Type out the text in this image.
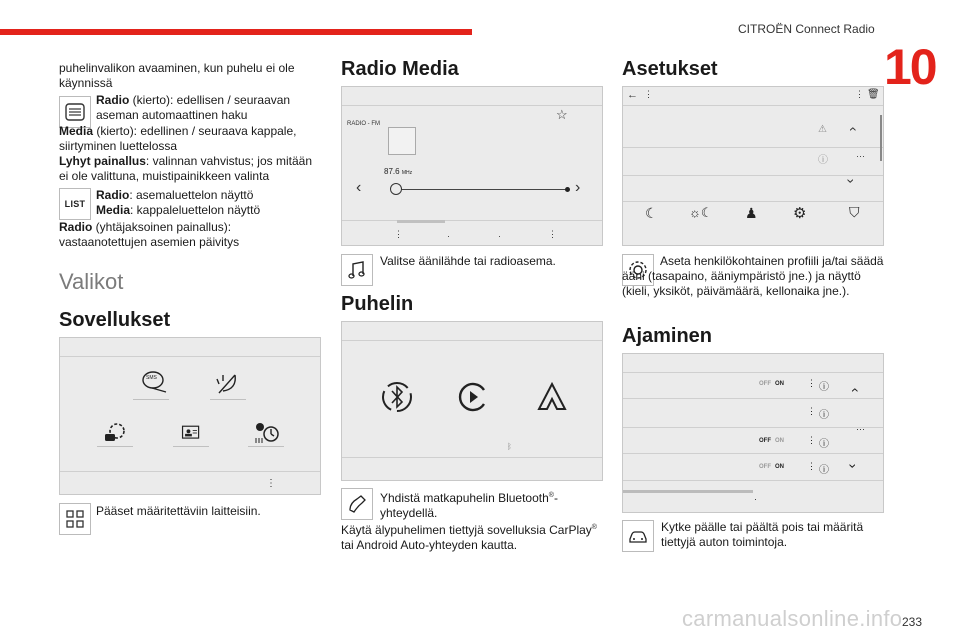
CITROËN Connect Radio
10

puhelinvalikon avaaminen, kun puhelu ei ole käynnissä

Radio (kierto): edellisen / seuraavan aseman automaattinen haku

Media (kierto): edellinen / seuraava kappale, siirtyminen luettelossa

Lyhyt painallus: valinnan vahvistus; jos mitään ei ole valittuna, muistipainikkeen valinta

LIST

Radio: asemaluettelon näyttö

Media: kappaleluettelon näyttö

Radio (yhtäjaksoinen painallus): vastaanotettujen asemien päivitys

Valikot
Sovellukset
⋮
SMS
Pääset määritettäviin laitteisiin.
Radio Media
RADIO - FM
☆
87.6 MHz
‹	›
⋮	·	·	⋮
Valitse äänilähde tai radioasema.
Puhelin
ᛒ
Yhdistä matkapuhelin Bluetooth®-yhteydellä.

Käytä älypuhelimen tiettyjä sovelluksia CarPlay® tai Android Auto-yhteyden kautta.

Asetukset
← ⋮	⋮ 🗑
⚠
ⓘ
›
···
›
☾ ☼☾ ♟ ⚙	⛉
Aseta henkilökohtainen profiili ja/tai säädä ääni (tasapaino, ääniympäristö jne.) ja näyttö (kieli, yksiköt, päivämäärä, kellonaika jne.).
Ajaminen
OFF ON	⋮ ⓘ
⋮ ⓘ
OFF ON	⋮ ⓘ
OFF ON	⋮ ⓘ
›
···
›
·
Kytke päälle tai päältä pois tai määritä tiettyjä auton toimintoja.
carmanualsonline.info 233
